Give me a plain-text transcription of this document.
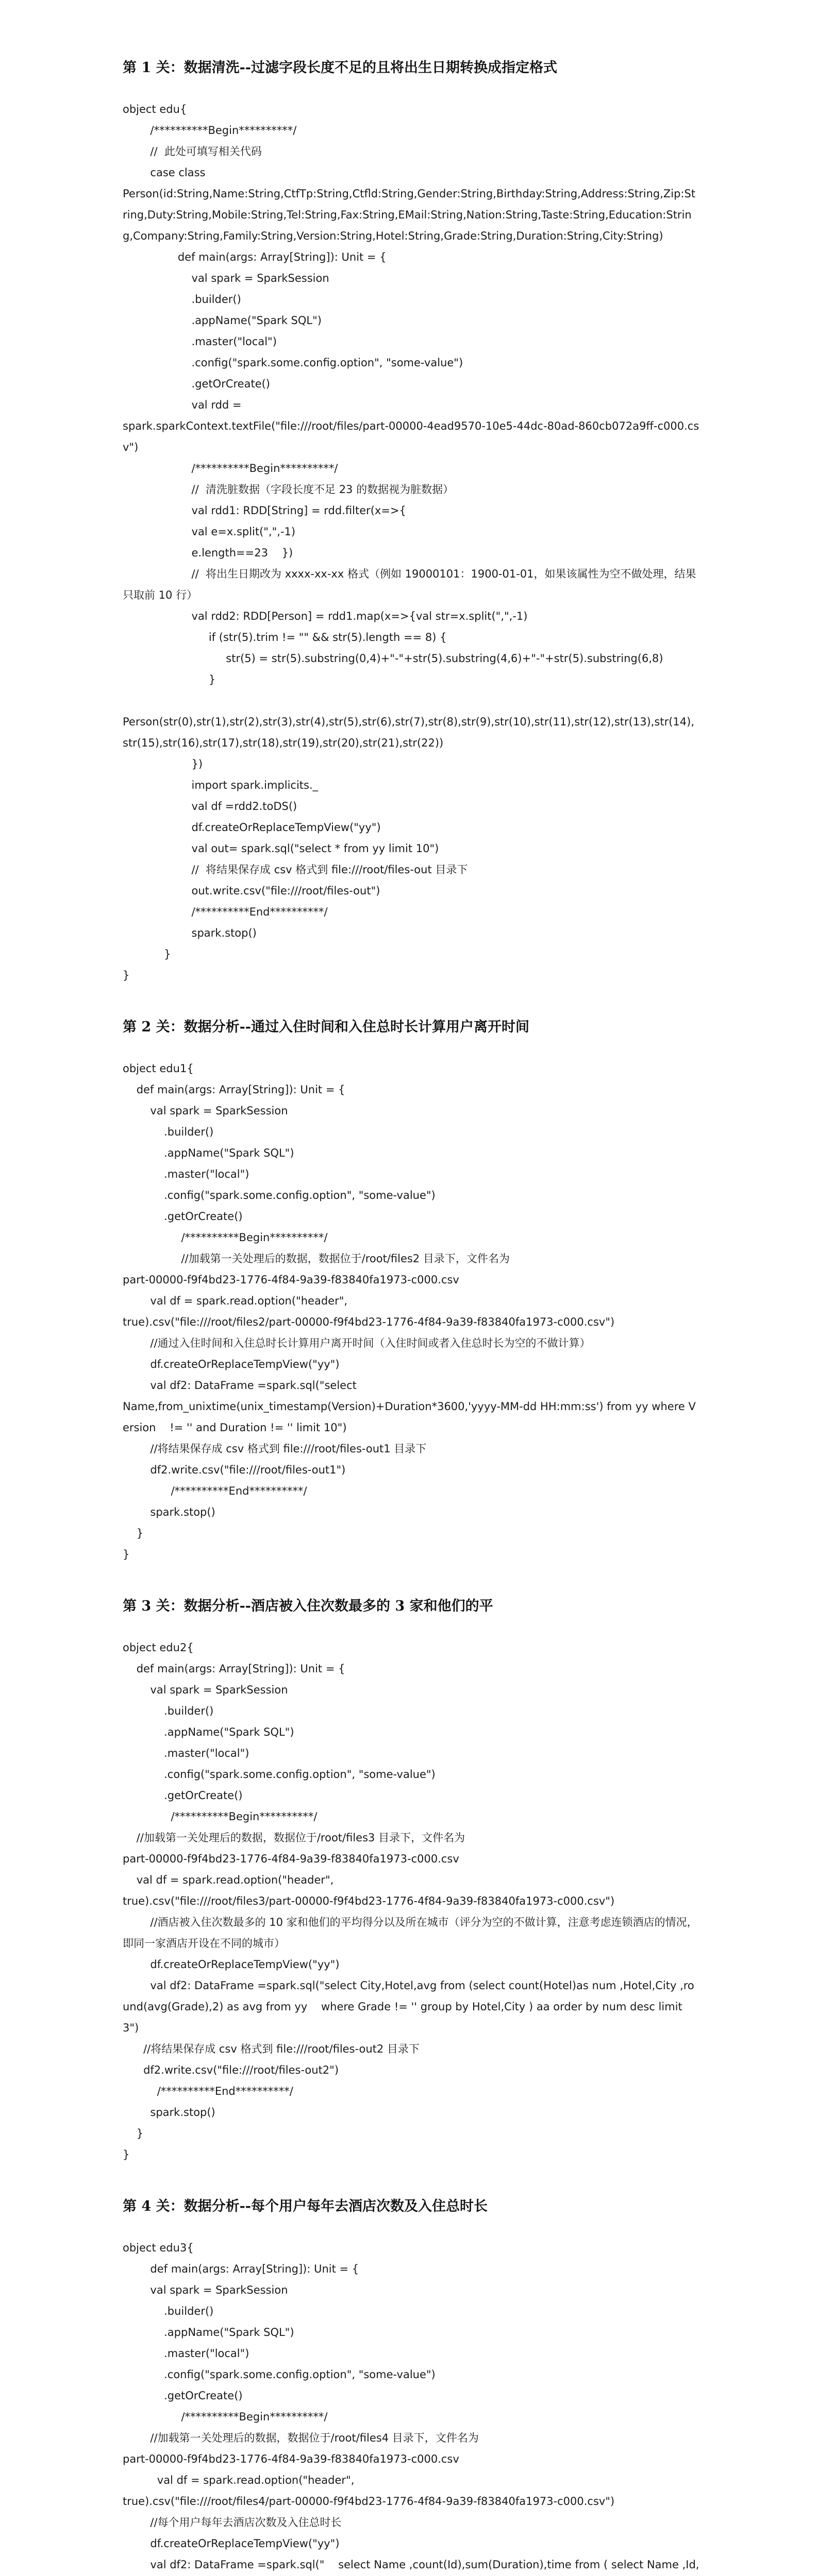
第 1 关：数据清洗--过滤字段长度不足的且将出生日期转换成指定格式
object edu{
/**********Begin**********/
//  此处可填写相关代码
case class
Person(id:String,Name:String,CtfTp:String,Ctfld:String,Gender:String,Birthday:String,Address:String,Zip:String,Duty:String,Mobile:String,Tel:String,Fax:String,EMail:String,Nation:String,Taste:String,Education:String,Company:String,Family:String,Version:String,Hotel:String,Grade:String,Duration:String,City:String)
def main(args: Array[String]): Unit = {
val spark = SparkSession
.builder()
.appName("Spark SQL")
.master("local")
.config("spark.some.config.option", "some-value")
.getOrCreate()
val rdd =
spark.sparkContext.textFile("file:///root/files/part-00000-4ead9570-10e5-44dc-80ad-860cb072a9ff-c000.csv")
/**********Begin**********/
//  清洗脏数据（字段长度不足 23 的数据视为脏数据）
val rdd1: RDD[String] = rdd.filter(x=>{
val e=x.split(",",-1)
e.length==23    })
//  将出生日期改为 xxxx-xx-xx 格式（例如 19000101：1900-01-01，如果该属性为空不做处理，结果只取前 10 行）
val rdd2: RDD[Person] = rdd1.map(x=>{val str=x.split(",",-1)
if (str(5).trim != "" && str(5).length == 8) {
str(5) = str(5).substring(0,4)+"-"+str(5).substring(4,6)+"-"+str(5).substring(6,8)
}
Person(str(0),str(1),str(2),str(3),str(4),str(5),str(6),str(7),str(8),str(9),str(10),str(11),str(12),str(13),str(14),str(15),str(16),str(17),str(18),str(19),str(20),str(21),str(22))
})
import spark.implicits._
val df =rdd2.toDS()
df.createOrReplaceTempView("yy")
val out= spark.sql("select * from yy limit 10")
//  将结果保存成 csv 格式到 file:///root/files-out 目录下
out.write.csv("file:///root/files-out")
/**********End**********/
spark.stop()
}
}
第 2 关：数据分析--通过入住时间和入住总时长计算用户离开时间
object edu1{
def main(args: Array[String]): Unit = {
val spark = SparkSession
.builder()
.appName("Spark SQL")
.master("local")
.config("spark.some.config.option", "some-value")
.getOrCreate()
/**********Begin**********/
//加载第一关处理后的数据，数据位于/root/files2 目录下，文件名为
part-00000-f9f4bd23-1776-4f84-9a39-f83840fa1973-c000.csv
val df = spark.read.option("header",
true).csv("file:///root/files2/part-00000-f9f4bd23-1776-4f84-9a39-f83840fa1973-c000.csv")
//通过入住时间和入住总时长计算用户离开时间（入住时间或者入住总时长为空的不做计算）
df.createOrReplaceTempView("yy")
val df2: DataFrame =spark.sql("select
Name,from_unixtime(unix_timestamp(Version)+Duration*3600,'yyyy-MM-dd HH:mm:ss') from yy where Version    != '' and Duration != '' limit 10")
//将结果保存成 csv 格式到 file:///root/files-out1 目录下
df2.write.csv("file:///root/files-out1")
/**********End**********/
spark.stop()
}
}
第 3 关：数据分析--酒店被入住次数最多的 3 家和他们的平
object edu2{
def main(args: Array[String]): Unit = {
val spark = SparkSession
.builder()
.appName("Spark SQL")
.master("local")
.config("spark.some.config.option", "some-value")
.getOrCreate()
/**********Begin**********/
//加载第一关处理后的数据，数据位于/root/files3 目录下，文件名为
part-00000-f9f4bd23-1776-4f84-9a39-f83840fa1973-c000.csv
val df = spark.read.option("header",
true).csv("file:///root/files3/part-00000-f9f4bd23-1776-4f84-9a39-f83840fa1973-c000.csv")
//酒店被入住次数最多的 10 家和他们的平均得分以及所在城市（评分为空的不做计算，注意考虑连锁酒店的情况，即同一家酒店开设在不同的城市）
df.createOrReplaceTempView("yy")
val df2: DataFrame =spark.sql("select City,Hotel,avg from (select count(Hotel)as num ,Hotel,City ,round(avg(Grade),2) as avg from yy    where Grade != '' group by Hotel,City ) aa order by num desc limit 3")
//将结果保存成 csv 格式到 file:///root/files-out2 目录下
df2.write.csv("file:///root/files-out2")
/**********End**********/
spark.stop()
}
}
第 4 关：数据分析--每个用户每年去酒店次数及入住总时长
object edu3{
def main(args: Array[String]): Unit = {
val spark = SparkSession
.builder()
.appName("Spark SQL")
.master("local")
.config("spark.some.config.option", "some-value")
.getOrCreate()
/**********Begin**********/
//加载第一关处理后的数据，数据位于/root/files4 目录下，文件名为
part-00000-f9f4bd23-1776-4f84-9a39-f83840fa1973-c000.csv
val df = spark.read.option("header",
true).csv("file:///root/files4/part-00000-f9f4bd23-1776-4f84-9a39-f83840fa1973-c000.csv")
//每个用户每年去酒店次数及入住总时长
df.createOrReplaceTempView("yy")
val df2: DataFrame =spark.sql("    select Name ,count(Id),sum(Duration),time from ( select Name ,Id,
